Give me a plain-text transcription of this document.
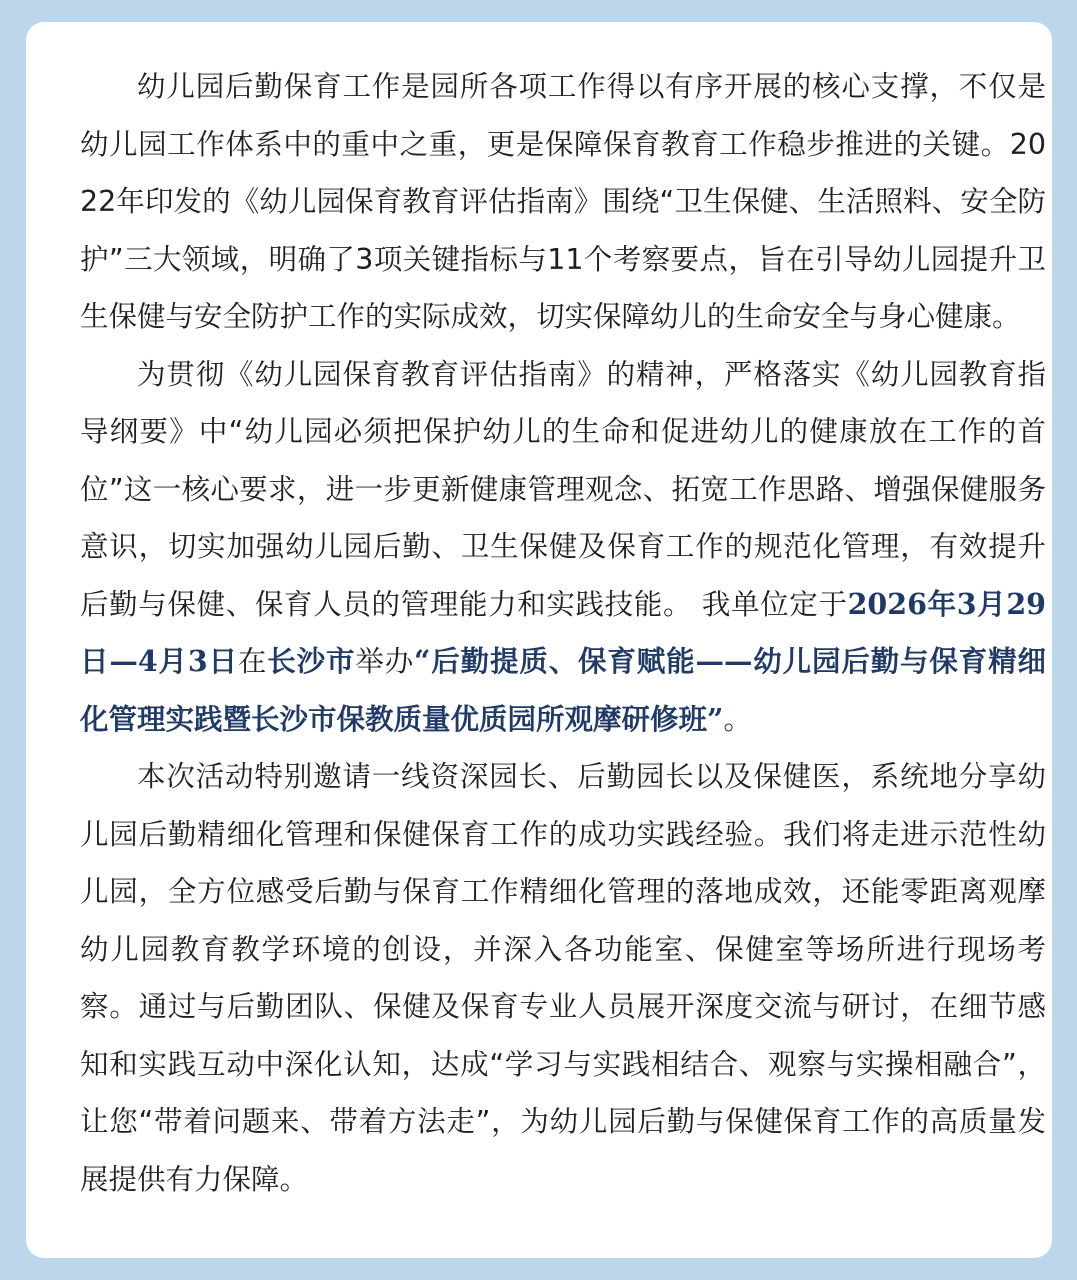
幼儿园后勤保育工作是园所各项工作得以有序开展的核心支撑，不仅是幼儿园工作体系中的重中之重，更是保障保育教育工作稳步推进的关键。2022年印发的《幼儿园保育教育评估指南》围绕“卫生保健、生活照料、安全防护”三大领域，明确了3项关键指标与11个考察要点，旨在引导幼儿园提升卫生保健与安全防护工作的实际成效，切实保障幼儿的生命安全与身心健康。

为贯彻《幼儿园保育教育评估指南》的精神，严格落实《幼儿园教育指导纲要》中“幼儿园必须把保护幼儿的生命和促进幼儿的健康放在工作的首位”这一核心要求，进一步更新健康管理观念、拓宽工作思路、增强保健服务意识，切实加强幼儿园后勤、卫生保健及保育工作的规范化管理，有效提升后勤与保健、保育人员的管理能力和实践技能。 我单位定于2026年3月29日—4月3日在长沙市举办“后勤提质、保育赋能——幼儿园后勤与保育精细化管理实践暨长沙市保教质量优质园所观摩研修班”。

本次活动特别邀请一线资深园长、后勤园长以及保健医，系统地分享幼儿园后勤精细化管理和保健保育工作的成功实践经验。我们将走进示范性幼儿园，全方位感受后勤与保育工作精细化管理的落地成效，还能零距离观摩幼儿园教育教学环境的创设，并深入各功能室、保健室等场所进行现场考察。通过与后勤团队、保健及保育专业人员展开深度交流与研讨，在细节感知和实践互动中深化认知，达成“学习与实践相结合、观察与实操相融合”，让您“带着问题来、带着方法走”，为幼儿园后勤与保健保育工作的高质量发展提供有力保障。
